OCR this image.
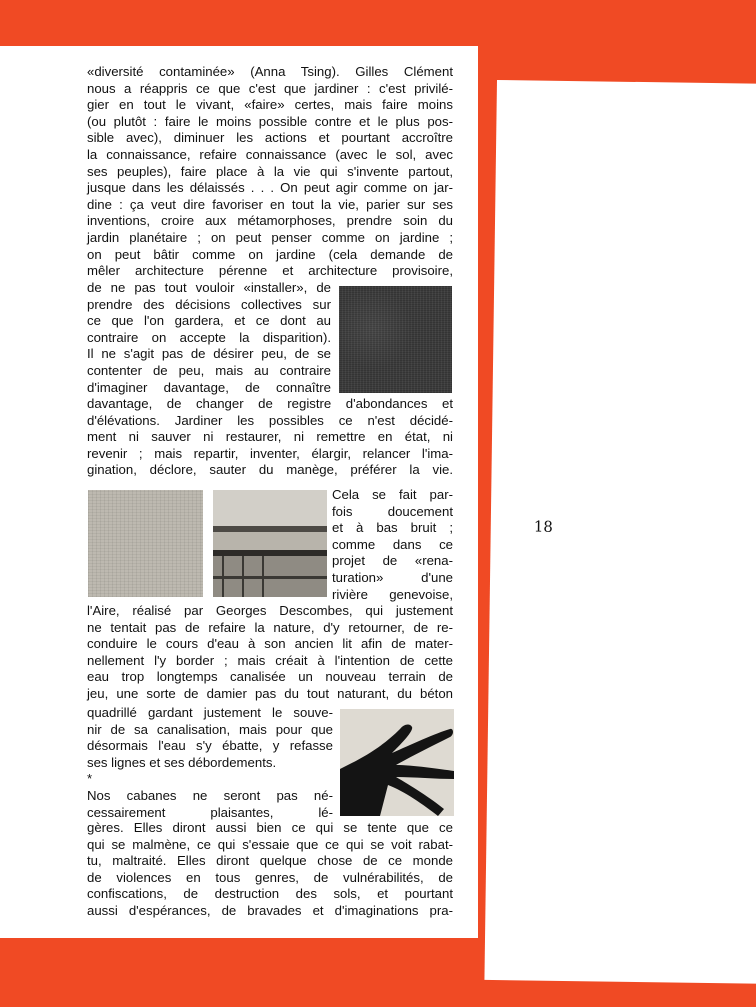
18
«diversité contaminée» (Anna Tsing). Gilles Clément
nous a réappris ce que c'est que jardiner : c'est privilé-
gier en tout le vivant, «faire» certes, mais faire moins
(ou plutôt : faire le moins possible contre et le plus pos-
sible avec), diminuer les actions et pourtant accroître
la connaissance, refaire connaissance (avec le sol, avec
ses peuples), faire place à la vie qui s'invente partout,
jusque dans les délaissés . . . On peut agir comme on jar-
dine : ça veut dire favoriser en tout la vie, parier sur ses
inventions, croire aux métamorphoses, prendre soin du
jardin planétaire ; on peut penser comme on jardine ;
on peut bâtir comme on jardine (cela demande de
mêler architecture pérenne et architecture provisoire,
de ne pas tout vouloir «installer», de
prendre des décisions collectives sur
ce que l'on gardera, et ce dont au
contraire on accepte la disparition).
Il ne s'agit pas de désirer peu, de se
contenter de peu, mais au contraire
d'imaginer davantage, de connaître
davantage, de changer de registre d'abondances et
d'élévations. Jardiner les possibles ce n'est décidé-
ment ni sauver ni restaurer, ni remettre en état, ni
revenir ; mais repartir, inventer, élargir, relancer l'ima-
gination, déclore, sauter du manège, préférer la vie.
Cela se fait par-
fois doucement
et à bas bruit ;
comme dans ce
projet de «rena-
turation» d'une
rivière genevoise,
l'Aire, réalisé par Georges Descombes, qui justement
ne tentait pas de refaire la nature, d'y retourner, de re-
conduire le cours d'eau à son ancien lit afin de mater-
nellement l'y border ; mais créait à l'intention de cette
eau trop longtemps canalisée un nouveau terrain de
jeu, une sorte de damier pas du tout naturant, du béton
quadrillé gardant justement le souve-
nir de sa canalisation, mais pour que
désormais l'eau s'y ébatte, y refasse
ses lignes et ses débordements.
*
Nos cabanes ne seront pas né-
cessairement plaisantes, lé-
gères. Elles diront aussi bien ce qui se tente que ce
qui se malmène, ce qui s'essaie que ce qui se voit rabat-
tu, maltraité. Elles diront quelque chose de ce monde
de violences en tous genres, de vulnérabilités, de
confiscations, de destruction des sols, et pourtant
aussi d'espérances, de bravades et d'imaginations pra-
